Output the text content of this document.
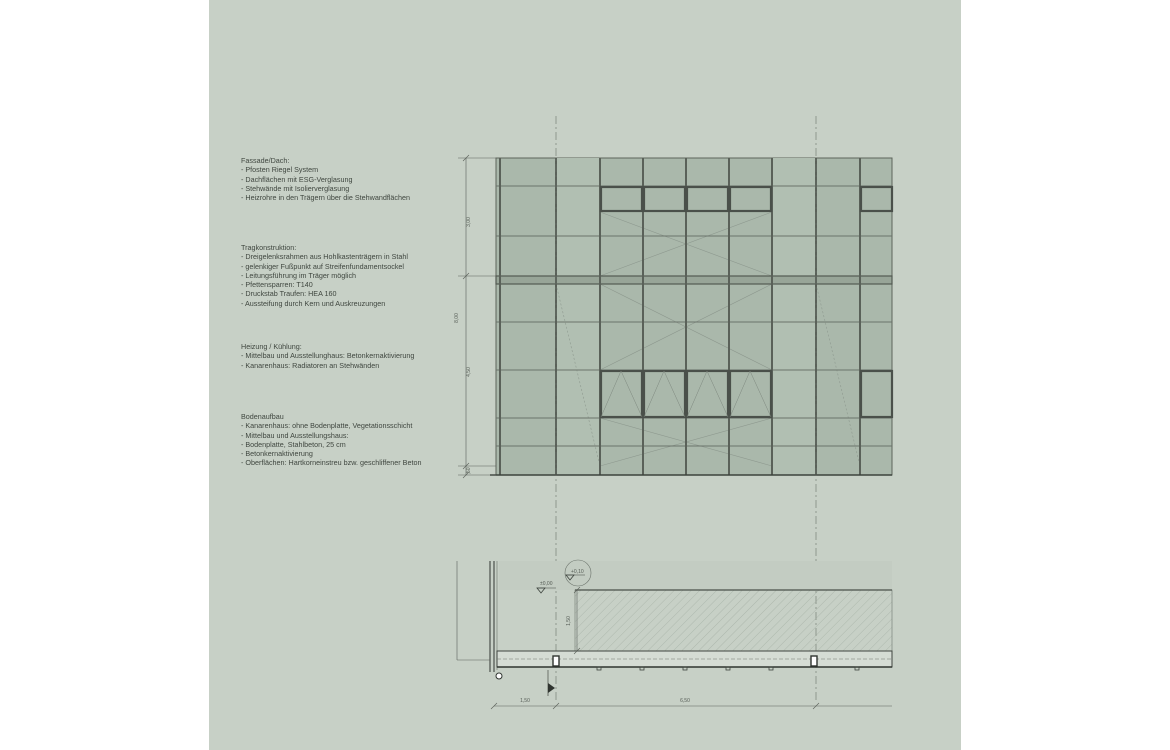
Fassade/Dach:
- Pfosten Riegel System
- Dachflächen mit ESG-Verglasung
- Stehwände mit Isolierverglasung
- Heizrohre in den Trägern über die Stehwandflächen
Tragkonstruktion:
- Dreigelenksrahmen aus Hohlkastenträgern in Stahl
- gelenkiger Fußpunkt auf Streifenfundamentsockel
- Leitungsführung im Träger möglich
- Pfettensparren: T140
- Druckstab Traufen: HEA 160
- Aussteifung durch Kern und Auskreuzungen
Heizung / Kühlung:
- Mittelbau und Ausstellunghaus: Betonkernaktivierung
- Kanarenhaus: Radiatoren an Stehwänden
Bodenaufbau
- Kanarenhaus: ohne Bodenplatte, Vegetationsschicht
- Mittelbau und Ausstellungshaus:
- Bodenplatte, Stahlbeton, 25 cm
- Betonkernaktivierung
- Oberflächen: Hartkorneinstreu bzw. geschliffener Beton
3,00
8,00
4,50
,50
+0,10
±0,00
1,50
1,50	6,50
